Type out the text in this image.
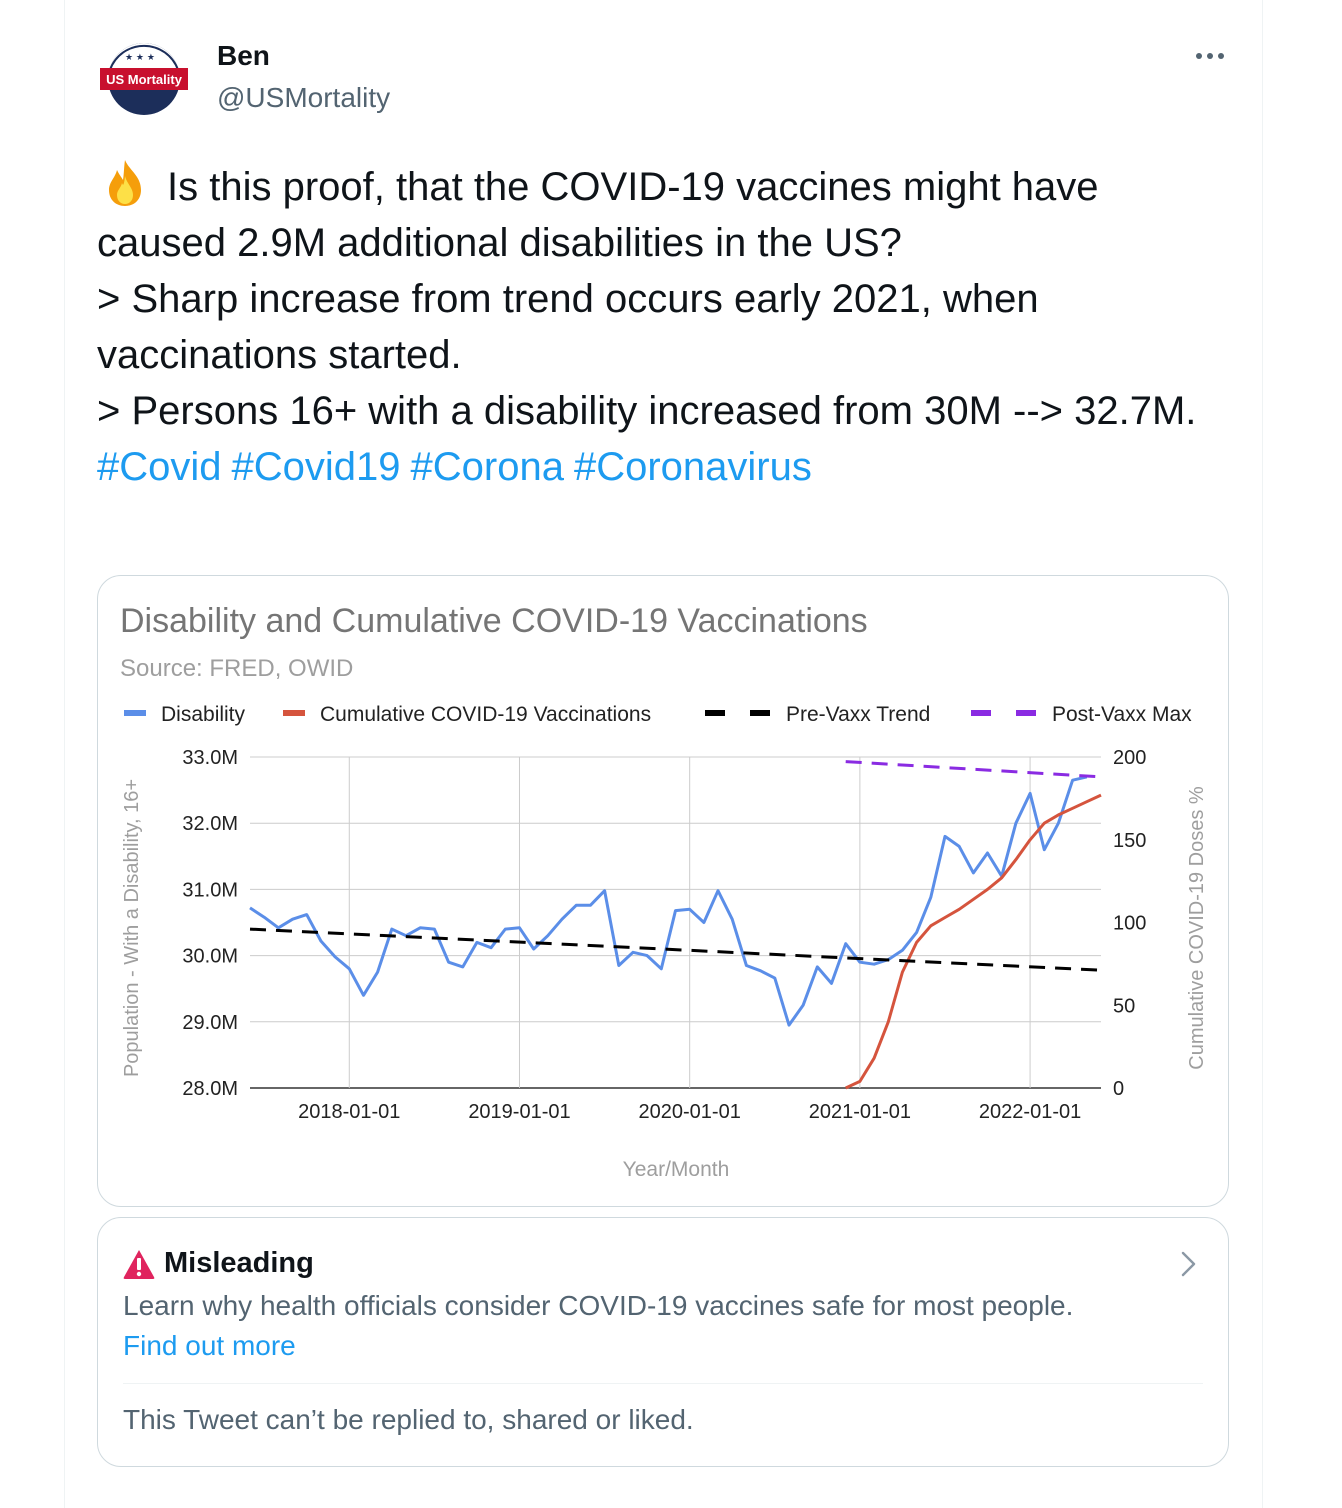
★ ★ ★
US Mortality
Ben
@USMortality

Is this proof, that the COVID-19 vaccines might have caused 2.9M additional disabilities in the US?

> Sharp increase from trend occurs early 2021, when vaccinations started.

> Persons 16+ with a disability increased from 30M --> 32.7M.

#Covid #Covid19 #Corona #Coronavirus

Disability and Cumulative COVID-19 Vaccinations
Source: FRED, OWID
Disability	Cumulative COVID-19 Vaccinations	Pre-Vaxx Trend	Post-Vaxx Max
33.0M
32.0M
31.0M
30.0M
29.0M
28.0M
200
150
100
50
0
2018-01-01	2019-01-01	2020-01-01	2021-01-01	2022-01-01
Population - With a Disability, 16+	Cumulative COVID-19 Doses %
Year/Month
Misleading
Learn why health officials consider COVID-19 vaccines safe for most people.
Find out more
This Tweet can’t be replied to, shared or liked.
